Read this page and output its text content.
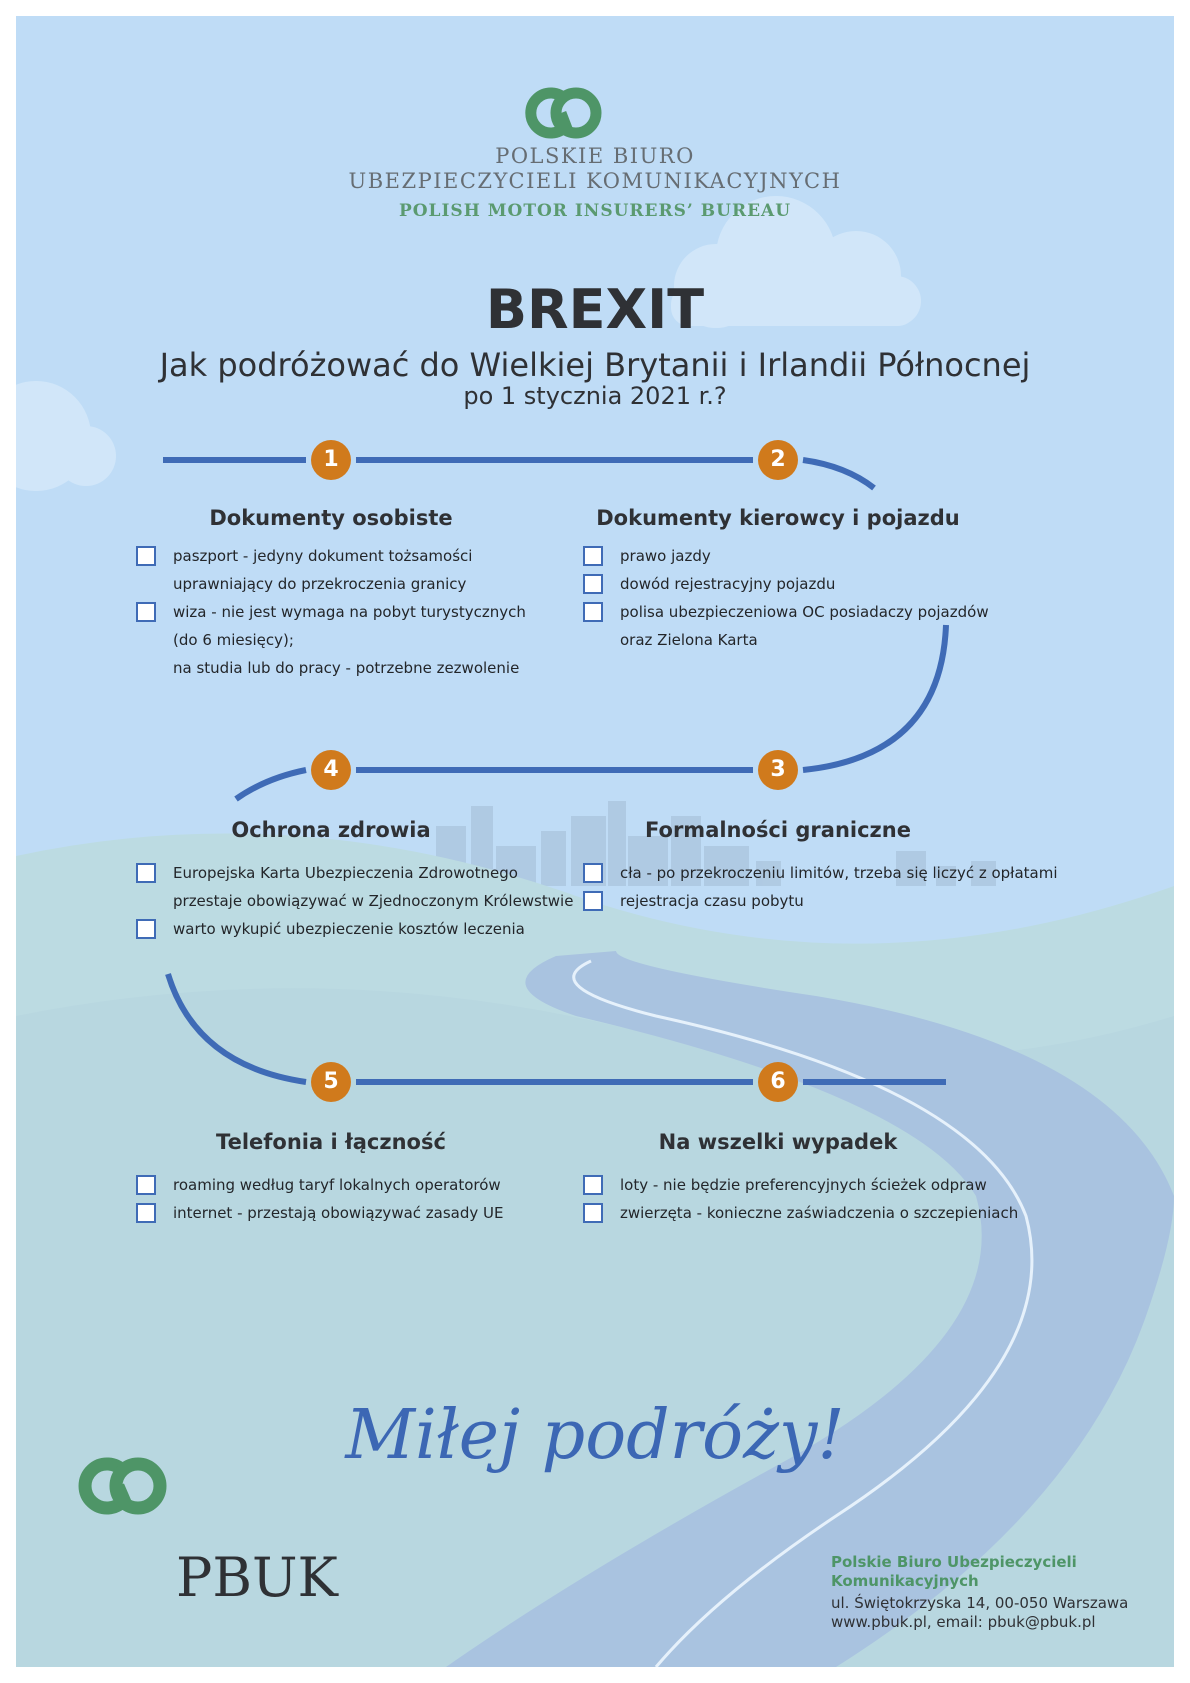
POLSKIE BIURO
UBEZPIECZYCIELI KOMUNIKACYJNYCH
POLISH MOTOR INSURERS’ BUREAU
BREXIT
Jak podróżować do Wielkiej Brytanii i Irlandii Północnej
po 1 stycznia 2021 r.?
1	2
3
4
5	6
Dokumenty osobiste
paszport - jedyny dokument tożsamości
uprawniający do przekroczenia granicy
wiza - nie jest wymaga na pobyt turystycznych
(do 6 miesięcy);
na studia lub do pracy - potrzebne zezwolenie
Dokumenty kierowcy i pojazdu
prawo jazdy
dowód rejestracyjny pojazdu
polisa ubezpieczeniowa OC posiadaczy pojazdów
oraz Zielona Karta
Ochrona zdrowia
Europejska Karta Ubezpieczenia Zdrowotnego
przestaje obowiązywać w Zjednoczonym Królewstwie
warto wykupić ubezpieczenie kosztów leczenia
Formalności graniczne
cła - po przekroczeniu limitów, trzeba się liczyć z opłatami
rejestracja czasu pobytu
Telefonia i łączność
roaming według taryf lokalnych operatorów
internet - przestają obowiązywać zasady UE
Na wszelki wypadek
loty - nie będzie preferencyjnych ścieżek odpraw
zwierzęta - konieczne zaświadczenia o szczepieniach
Miłej podróży!
PBUK	Polskie Biuro Ubezpieczycieli Komunikacyjnych
ul. Świętokrzyska 14, 00-050 Warszawa
www.pbuk.pl, email: pbuk@pbuk.pl
